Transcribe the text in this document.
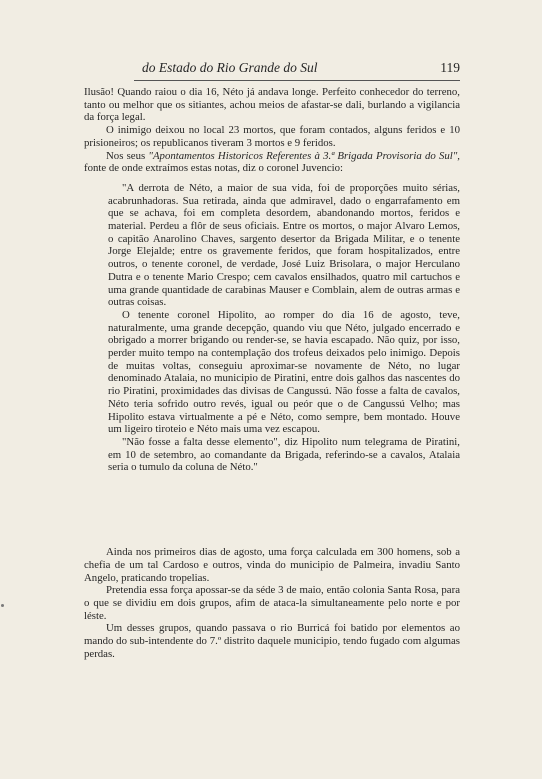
do Estado do Rio Grande do Sul	119

Ilusão! Quando raiou o dia 16, Néto já andava longe. Perfeito conhecedor do terreno, tanto ou melhor que os sitiantes, achou meios de afastar-se dali, burlando a vigilancia da força legal.

O inimigo deixou no local 23 mortos, que foram contados, alguns feridos e 10 prisioneiros; os republicanos tiveram 3 mortos e 9 feridos.

Nos seus "Apontamentos Historicos Referentes à 3.ª Brigada Provisoria do Sul", fonte de onde extraímos estas notas, diz o coronel Juvencio:

"A derrota de Néto, a maior de sua vida, foi de proporções muito sérias, acabrunhadoras. Sua retirada, ainda que admiravel, dado o engarrafamento em que se achava, foi em completa desordem, abandonando mortos, feridos e material. Perdeu a flôr de seus oficiais. Entre os mortos, o major Alvaro Lemos, o capitão Anarolino Chaves, sargento desertor da Brigada Militar, e o tenente Jorge Elejalde; entre os gravemente feridos, que foram hospitalizados, entre outros, o tenente coronel, de verdade, José Luiz Brisolara, o major Herculano Dutra e o tenente Mario Crespo; cem cavalos ensilhados, quatro mil cartuchos e uma grande quantidade de carabinas Mauser e Comblain, alem de outras armas e outras coisas.

O tenente coronel Hipolito, ao romper do dia 16 de agosto, teve, naturalmente, uma grande decepção, quando viu que Néto, julgado encerrado e obrigado a morrer brigando ou render-se, se havia escapado. Não quiz, por isso, perder muito tempo na contemplação dos trofeus deixados pelo inimigo. Depois de muitas voltas, conseguiu aproximar-se novamente de Néto, no lugar denominado Atalaia, no municipio de Piratini, entre dois galhos das nascentes do rio Piratini, proximidades das divisas de Cangussú. Não fosse a falta de cavalos, Néto teria sofrido outro revés, igual ou peór que o de Cangussú Velho; mas Hipolito estava virtualmente a pé e Néto, como sempre, bem montado. Houve um ligeiro tiroteio e Néto mais uma vez escapou.

"Não fosse a falta desse elemento", diz Hipolito num telegrama de Piratini, em 10 de setembro, ao comandante da Brigada, referindo-se a cavalos, Atalaia seria o tumulo da coluna de Néto."

Ainda nos primeiros dias de agosto, uma força calculada em 300 homens, sob a chefia de um tal Cardoso e outros, vinda do municipio de Palmeira, invadiu Santo Angelo, praticando tropelias.

Pretendia essa força apossar-se da séde 3 de maio, então colonia Santa Rosa, para o que se dividiu em dois grupos, afim de ataca-la simultaneamente pelo norte e por léste.

Um desses grupos, quando passava o rio Burricá foi batido por elementos ao mando do sub-intendente do 7.º distrito daquele municipio, tendo fugado com algumas perdas.
